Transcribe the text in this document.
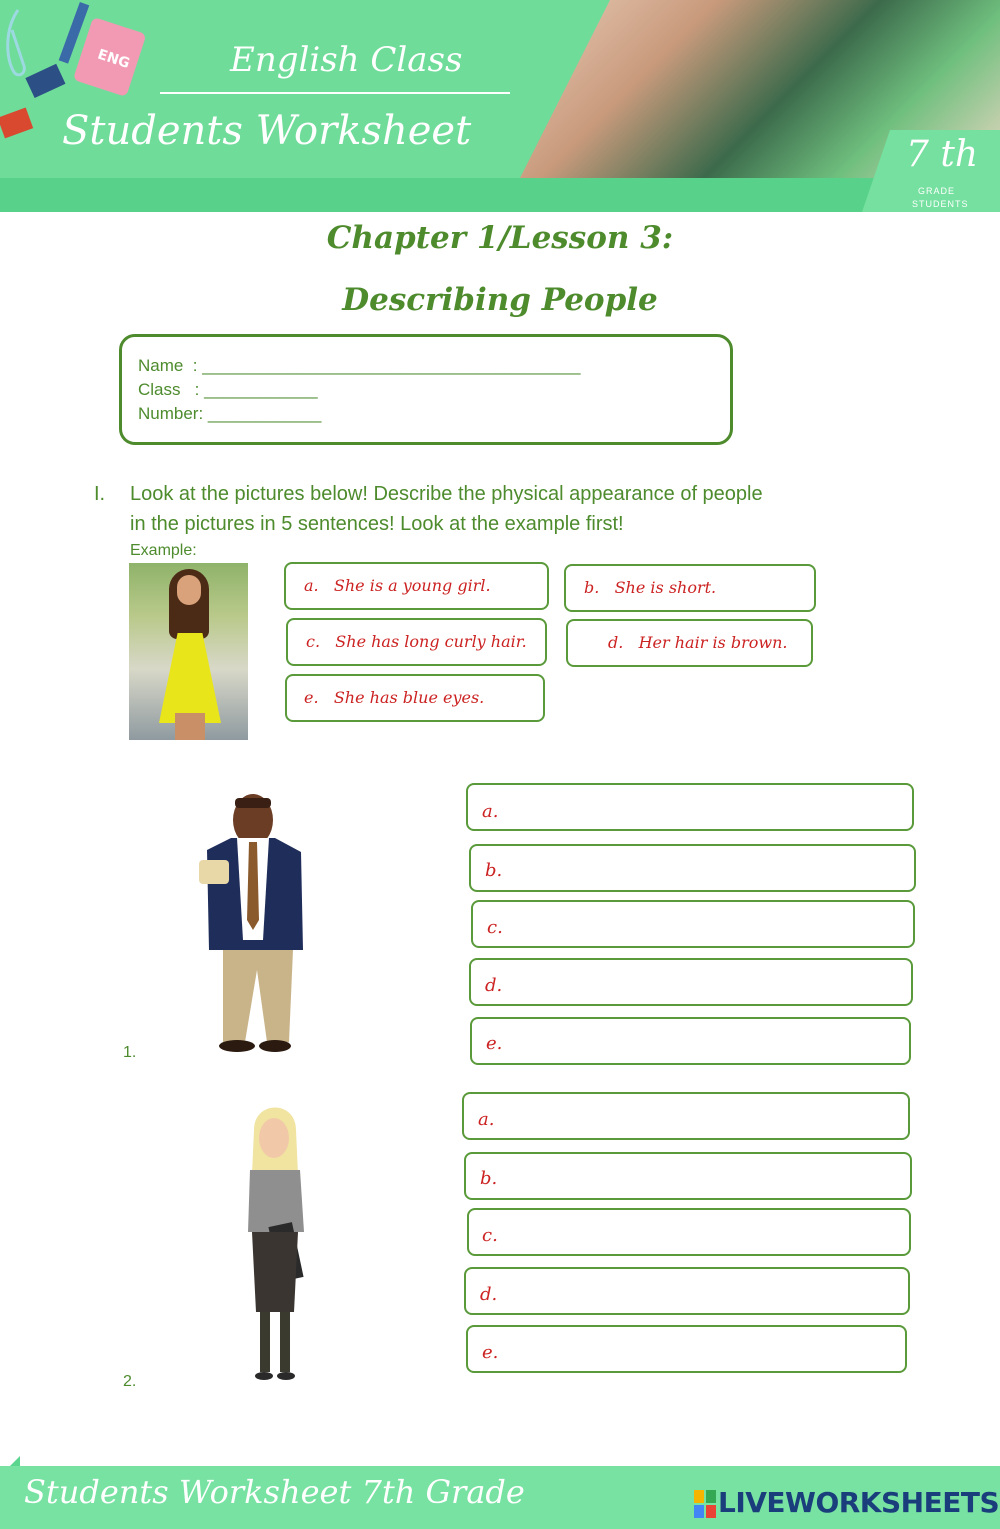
ENG	English Class
Students Worksheet
7 th
GRADE
STUDENTS
Chapter 1/Lesson 3:
Describing People
Name  : ________________________________________
Class   : ____________
Number: ____________
I. Look at the pictures below! Describe the physical appearance of people
in the pictures in 5 sentences! Look at the example first!
Example:
a.   She is a young girl.	b.   She is short.
c.   She has long curly hair.	d.   Her hair is brown.
e.   She has blue eyes.
1.
a.
b.
c.
d.
e.
2.
a.
b.
c.
d.
e.
Students Worksheet 7th Grade	LIVEWORKSHEETS
